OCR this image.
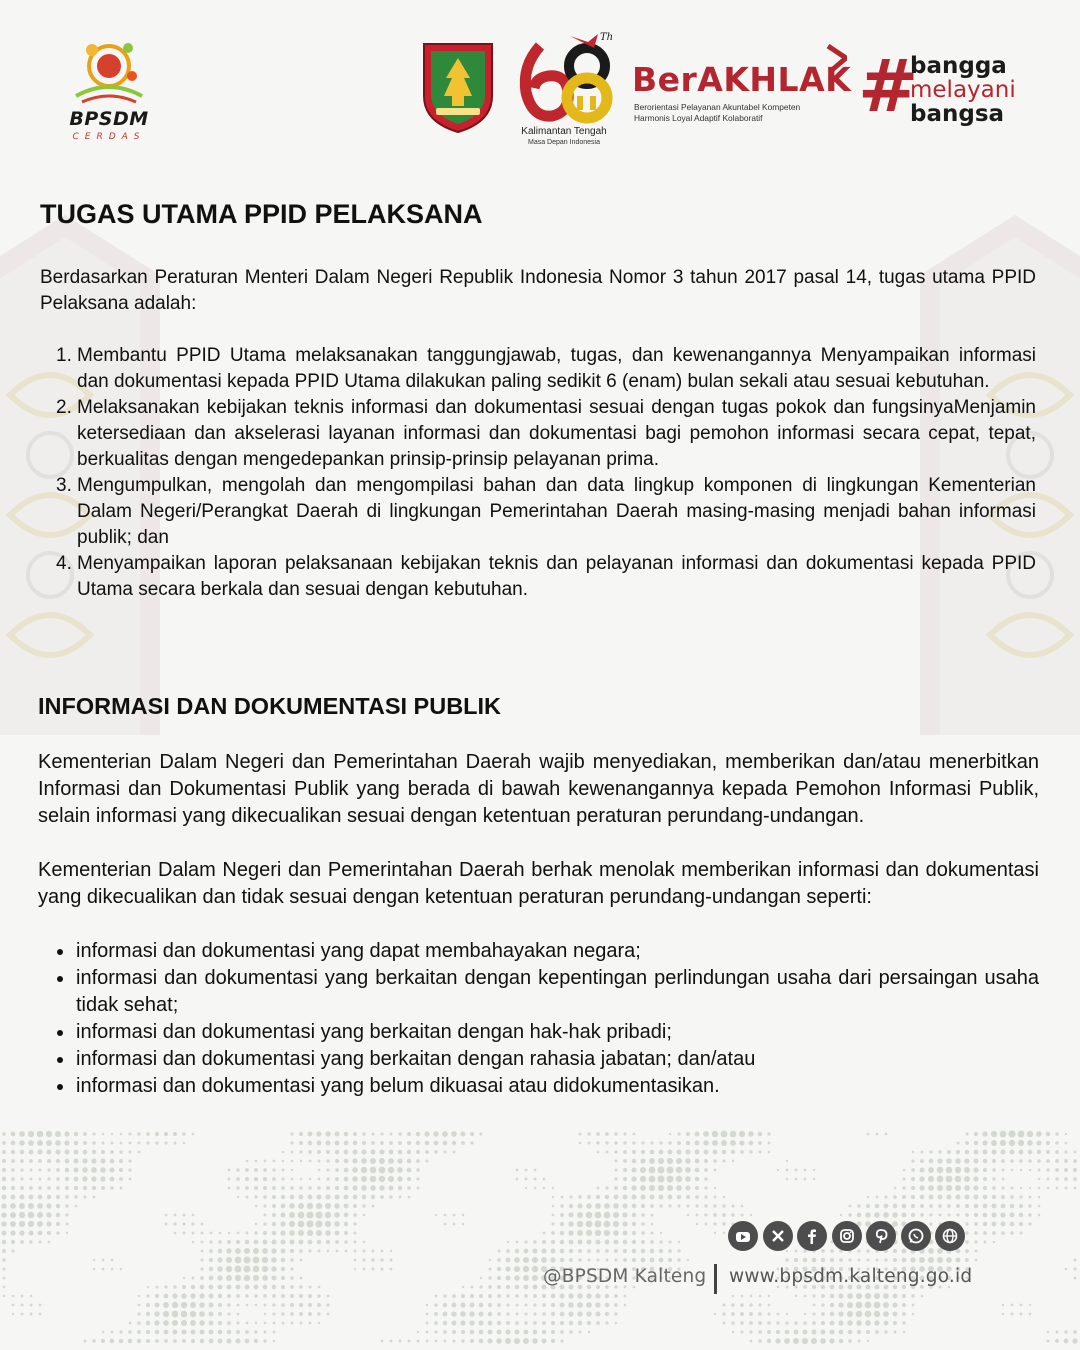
BPSDM
CERDAS
Th
Kalimantan Tengah
Masa Depan Indonesia
BerAKHLAK
Berorientasi Pelayanan Akuntabel Kompeten
Harmonis Loyal Adaptif Kolaboratif #
bangga
melayani
bangsa
TUGAS UTAMA PPID PELAKSANA

Berdasarkan Peraturan Menteri Dalam Negeri Republik Indonesia Nomor 3 tahun 2017 pasal 14, tugas utama PPID Pelaksana adalah:

1. Membantu PPID Utama melaksanakan tanggungjawab, tugas, dan kewenangannya Menyampaikan informasi dan dokumentasi kepada PPID Utama dilakukan paling sedikit 6 (enam) bulan sekali atau sesuai kebutuhan.
2. Melaksanakan kebijakan teknis informasi dan dokumentasi sesuai dengan tugas pokok dan fungsinyaMenjamin ketersediaan dan akselerasi layanan informasi dan dokumentasi bagi pemohon informasi secara cepat, tepat, berkualitas dengan mengedepankan prinsip-prinsip pelayanan prima.
3. Mengumpulkan, mengolah dan mengompilasi bahan dan data lingkup komponen di lingkungan Kementerian Dalam Negeri/Perangkat Daerah di lingkungan Pemerintahan Daerah masing-masing menjadi bahan informasi publik; dan
4. Menyampaikan laporan pelaksanaan kebijakan teknis dan pelayanan informasi dan dokumentasi kepada PPID Utama secara berkala dan sesuai dengan kebutuhan.
INFORMASI DAN DOKUMENTASI PUBLIK

Kementerian Dalam Negeri dan Pemerintahan Daerah wajib menyediakan, memberikan dan/atau menerbitkan Informasi dan Dokumentasi Publik yang berada di bawah kewenangannya kepada Pemohon Informasi Publik, selain informasi yang dikecualikan sesuai dengan ketentuan peraturan perundang-undangan.

Kementerian Dalam Negeri dan Pemerintahan Daerah berhak menolak memberikan informasi dan dokumentasi yang dikecualikan dan tidak sesuai dengan ketentuan peraturan perundang-undangan seperti:

informasi dan dokumentasi yang dapat membahayakan negara;
informasi dan dokumentasi yang berkaitan dengan kepentingan perlindungan usaha dari persaingan usaha tidak sehat;
informasi dan dokumentasi yang berkaitan dengan hak-hak pribadi;
informasi dan dokumentasi yang berkaitan dengan rahasia jabatan; dan/atau
informasi dan dokumentasi yang belum dikuasai atau didokumentasikan.
@BPSDM Kalteng www.bpsdm.kalteng.go.id
